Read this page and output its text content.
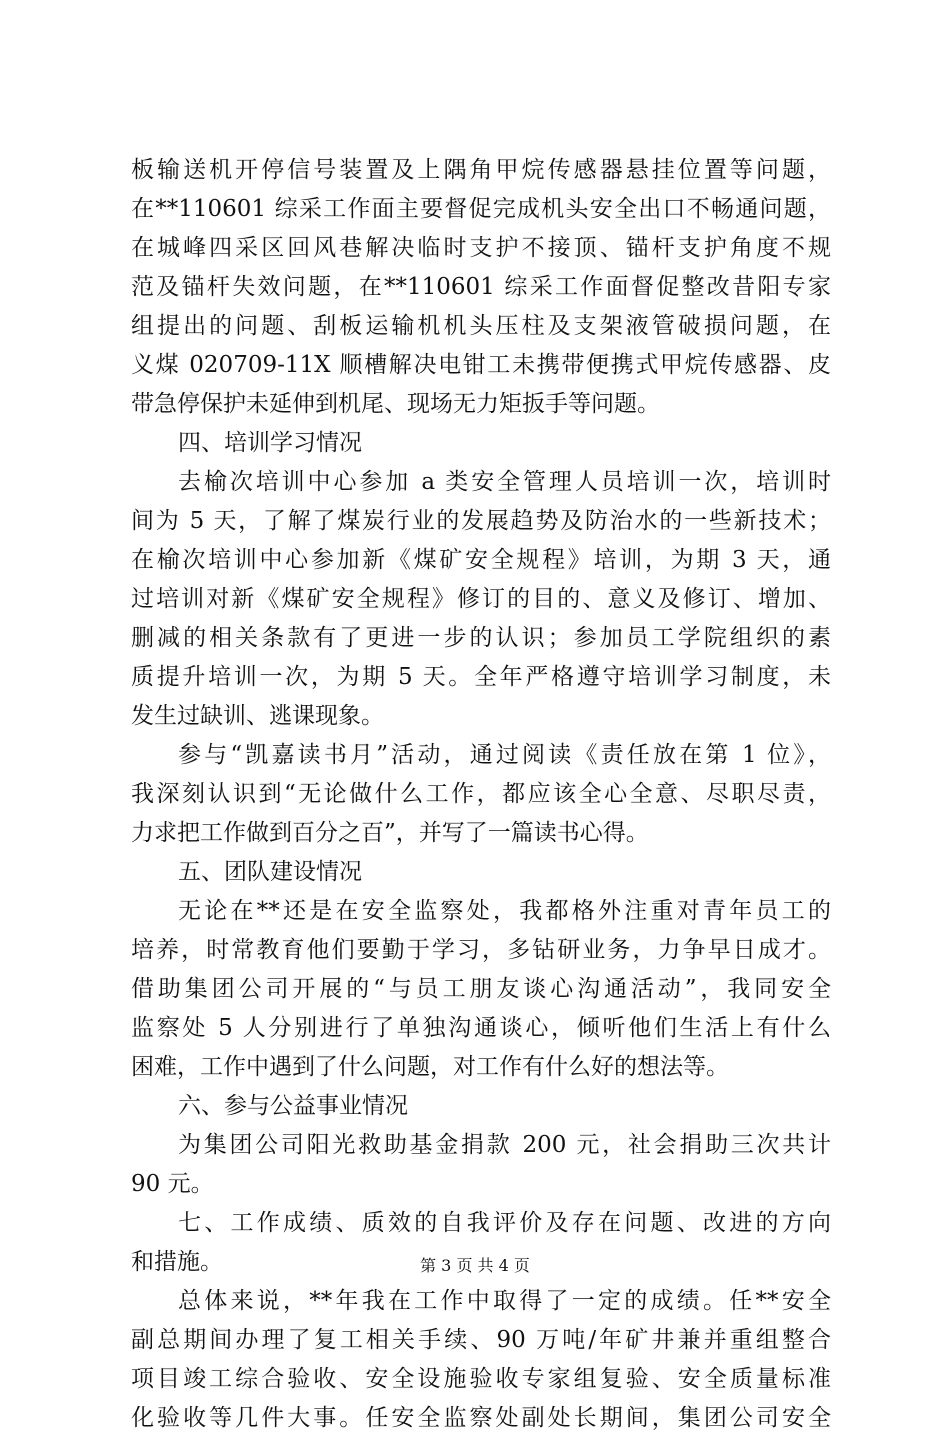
板输送机开停信号装置及上隅角甲烷传感器悬挂位置等问题，
在**110601 综采工作面主要督促完成机头安全出口不畅通问题，
在城峰四采区回风巷解决临时支护不接顶、锚杆支护角度不规
范及锚杆失效问题，在**110601 综采工作面督促整改昔阳专家
组提出的问题、刮板运输机机头压柱及支架液管破损问题，在
义煤 020709-11X 顺槽解决电钳工未携带便携式甲烷传感器、皮
带急停保护未延伸到机尾、现场无力矩扳手等问题。
四、培训学习情况
去榆次培训中心参加 a 类安全管理人员培训一次，培训时
间为 5 天，了解了煤炭行业的发展趋势及防治水的一些新技术；
在榆次培训中心参加新《煤矿安全规程》培训，为期 3 天，通
过培训对新《煤矿安全规程》修订的目的、意义及修订、增加、
删减的相关条款有了更进一步的认识；参加员工学院组织的素
质提升培训一次，为期 5 天。全年严格遵守培训学习制度，未
发生过缺训、逃课现象。
参与“凯嘉读书月”活动，通过阅读《责任放在第 1 位》，
我深刻认识到“无论做什么工作，都应该全心全意、尽职尽责，
力求把工作做到百分之百”，并写了一篇读书心得。
五、团队建设情况
无论在**还是在安全监察处，我都格外注重对青年员工的
培养，时常教育他们要勤于学习，多钻研业务，力争早日成才。
借助集团公司开展的“与员工朋友谈心沟通活动”，我同安全
监察处 5 人分别进行了单独沟通谈心，倾听他们生活上有什么
困难，工作中遇到了什么问题，对工作有什么好的想法等。
六、参与公益事业情况
为集团公司阳光救助基金捐款 200 元，社会捐助三次共计
90 元。
七、工作成绩、质效的自我评价及存在问题、改进的方向
和措施。
总体来说，**年我在工作中取得了一定的成绩。任**安全
副总期间办理了复工相关手续、90 万吨/年矿井兼并重组整合
项目竣工综合验收、安全设施验收专家组复验、安全质量标准
化验收等几件大事。任安全监察处副处长期间，集团公司安全
第 3 页 共 4 页
